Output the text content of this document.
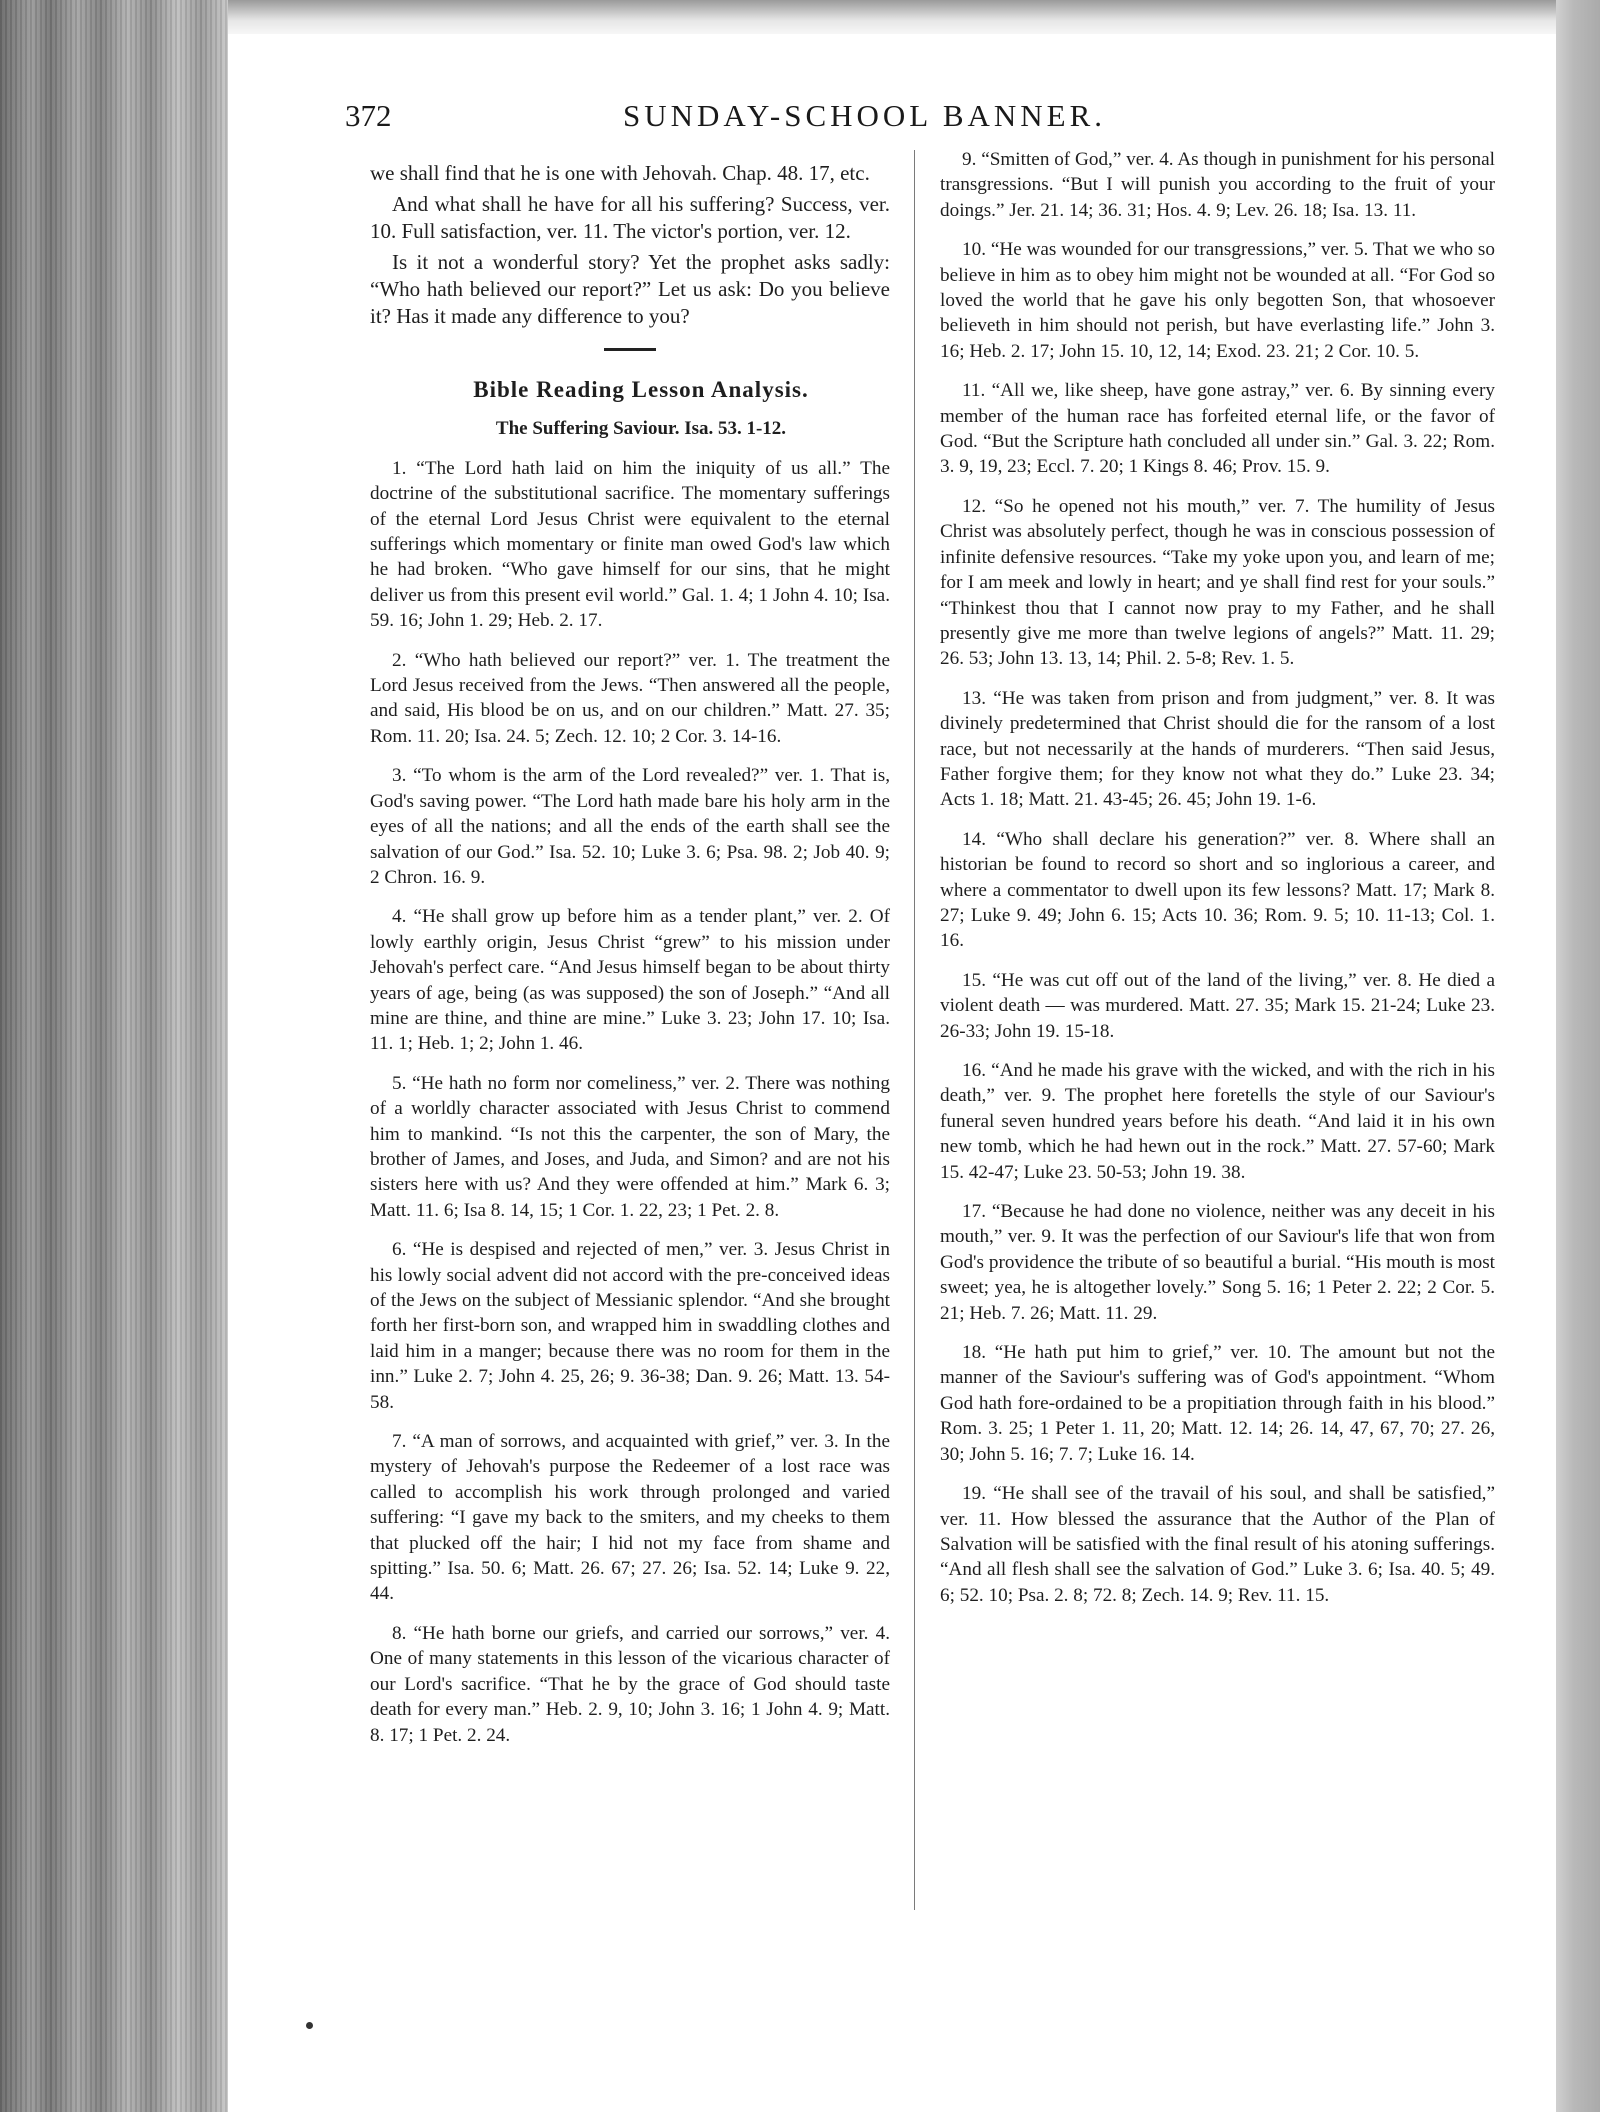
372	SUNDAY-SCHOOL BANNER.

we shall find that he is one with Jehovah. Chap. 48. 17, etc.

And what shall he have for all his suffering? Success, ver. 10. Full satisfaction, ver. 11. The victor's portion, ver. 12.

Is it not a wonderful story? Yet the prophet asks sadly: “Who hath believed our report?” Let us ask: Do you believe it? Has it made any difference to you?

Bible Reading Lesson Analysis.

The Suffering Saviour. Isa. 53. 1-12.

1. “The Lord hath laid on him the iniquity of us all.” The doctrine of the substitutional sacrifice. The momentary sufferings of the eternal Lord Jesus Christ were equivalent to the eternal sufferings which momentary or finite man owed God's law which he had broken. “Who gave himself for our sins, that he might deliver us from this present evil world.” Gal. 1. 4; 1 John 4. 10; Isa. 59. 16; John 1. 29; Heb. 2. 17.

2. “Who hath believed our report?” ver. 1. The treatment the Lord Jesus received from the Jews. “Then answered all the people, and said, His blood be on us, and on our children.” Matt. 27. 35; Rom. 11. 20; Isa. 24. 5; Zech. 12. 10; 2 Cor. 3. 14-16.

3. “To whom is the arm of the Lord revealed?” ver. 1. That is, God's saving power. “The Lord hath made bare his holy arm in the eyes of all the nations; and all the ends of the earth shall see the salvation of our God.” Isa. 52. 10; Luke 3. 6; Psa. 98. 2; Job 40. 9; 2 Chron. 16. 9.

4. “He shall grow up before him as a tender plant,” ver. 2. Of lowly earthly origin, Jesus Christ “grew” to his mission under Jehovah's perfect care. “And Jesus himself began to be about thirty years of age, being (as was supposed) the son of Joseph.” “And all mine are thine, and thine are mine.” Luke 3. 23; John 17. 10; Isa. 11. 1; Heb. 1; 2; John 1. 46.

5. “He hath no form nor comeliness,” ver. 2. There was nothing of a worldly character associated with Jesus Christ to commend him to mankind. “Is not this the carpenter, the son of Mary, the brother of James, and Joses, and Juda, and Simon? and are not his sisters here with us? And they were offended at him.” Mark 6. 3; Matt. 11. 6; Isa 8. 14, 15; 1 Cor. 1. 22, 23; 1 Pet. 2. 8.

6. “He is despised and rejected of men,” ver. 3. Jesus Christ in his lowly social advent did not accord with the pre-conceived ideas of the Jews on the subject of Messianic splendor. “And she brought forth her first-born son, and wrapped him in swaddling clothes and laid him in a manger; because there was no room for them in the inn.” Luke 2. 7; John 4. 25, 26; 9. 36-38; Dan. 9. 26; Matt. 13. 54-58.

7. “A man of sorrows, and acquainted with grief,” ver. 3. In the mystery of Jehovah's purpose the Redeemer of a lost race was called to accomplish his work through prolonged and varied suffering: “I gave my back to the smiters, and my cheeks to them that plucked off the hair; I hid not my face from shame and spitting.” Isa. 50. 6; Matt. 26. 67; 27. 26; Isa. 52. 14; Luke 9. 22, 44.

8. “He hath borne our griefs, and carried our sorrows,” ver. 4. One of many statements in this lesson of the vicarious character of our Lord's sacrifice. “That he by the grace of God should taste death for every man.” Heb. 2. 9, 10; John 3. 16; 1 John 4. 9; Matt. 8. 17; 1 Pet. 2. 24.

9. “Smitten of God,” ver. 4. As though in punishment for his personal transgressions. “But I will punish you according to the fruit of your doings.” Jer. 21. 14; 36. 31; Hos. 4. 9; Lev. 26. 18; Isa. 13. 11.

10. “He was wounded for our transgressions,” ver. 5. That we who so believe in him as to obey him might not be wounded at all. “For God so loved the world that he gave his only begotten Son, that whosoever believeth in him should not perish, but have everlasting life.” John 3. 16; Heb. 2. 17; John 15. 10, 12, 14; Exod. 23. 21; 2 Cor. 10. 5.

11. “All we, like sheep, have gone astray,” ver. 6. By sinning every member of the human race has forfeited eternal life, or the favor of God. “But the Scripture hath concluded all under sin.” Gal. 3. 22; Rom. 3. 9, 19, 23; Eccl. 7. 20; 1 Kings 8. 46; Prov. 15. 9.

12. “So he opened not his mouth,” ver. 7. The humility of Jesus Christ was absolutely perfect, though he was in conscious possession of infinite defensive resources. “Take my yoke upon you, and learn of me; for I am meek and lowly in heart; and ye shall find rest for your souls.” “Thinkest thou that I cannot now pray to my Father, and he shall presently give me more than twelve legions of angels?” Matt. 11. 29; 26. 53; John 13. 13, 14; Phil. 2. 5-8; Rev. 1. 5.

13. “He was taken from prison and from judgment,” ver. 8. It was divinely predetermined that Christ should die for the ransom of a lost race, but not necessarily at the hands of murderers. “Then said Jesus, Father forgive them; for they know not what they do.” Luke 23. 34; Acts 1. 18; Matt. 21. 43-45; 26. 45; John 19. 1-6.

14. “Who shall declare his generation?” ver. 8. Where shall an historian be found to record so short and so inglorious a career, and where a commentator to dwell upon its few lessons? Matt. 17; Mark 8. 27; Luke 9. 49; John 6. 15; Acts 10. 36; Rom. 9. 5; 10. 11-13; Col. 1. 16.

15. “He was cut off out of the land of the living,” ver. 8. He died a violent death — was murdered. Matt. 27. 35; Mark 15. 21-24; Luke 23. 26-33; John 19. 15-18.

16. “And he made his grave with the wicked, and with the rich in his death,” ver. 9. The prophet here foretells the style of our Saviour's funeral seven hundred years before his death. “And laid it in his own new tomb, which he had hewn out in the rock.” Matt. 27. 57-60; Mark 15. 42-47; Luke 23. 50-53; John 19. 38.

17. “Because he had done no violence, neither was any deceit in his mouth,” ver. 9. It was the perfection of our Saviour's life that won from God's providence the tribute of so beautiful a burial. “His mouth is most sweet; yea, he is altogether lovely.” Song 5. 16; 1 Peter 2. 22; 2 Cor. 5. 21; Heb. 7. 26; Matt. 11. 29.

18. “He hath put him to grief,” ver. 10. The amount but not the manner of the Saviour's suffering was of God's appointment. “Whom God hath fore-ordained to be a propitiation through faith in his blood.” Rom. 3. 25; 1 Peter 1. 11, 20; Matt. 12. 14; 26. 14, 47, 67, 70; 27. 26, 30; John 5. 16; 7. 7; Luke 16. 14.

19. “He shall see of the travail of his soul, and shall be satisfied,” ver. 11. How blessed the assurance that the Author of the Plan of Salvation will be satisfied with the final result of his atoning sufferings. “And all flesh shall see the salvation of God.” Luke 3. 6; Isa. 40. 5; 49. 6; 52. 10; Psa. 2. 8; 72. 8; Zech. 14. 9; Rev. 11. 15.
